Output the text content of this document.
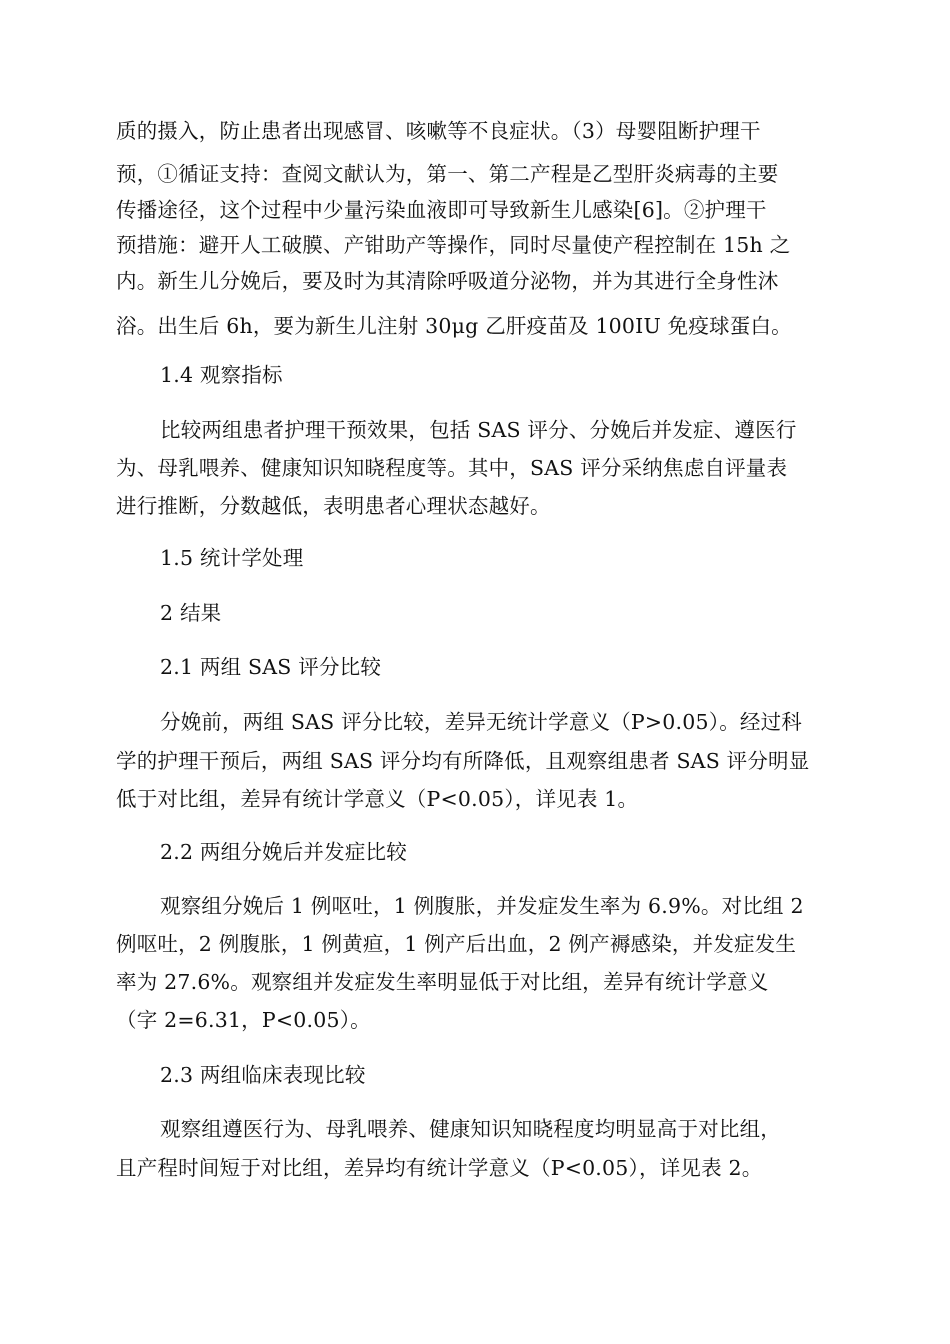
质的摄入，防止患者出现感冒、咳嗽等不良症状。（3）母婴阻断护理干
预，①循证支持：查阅文献认为，第一、第二产程是乙型肝炎病毒的主要
传播途径，这个过程中少量污染血液即可导致新生儿感染[6]。②护理干
预措施：避开人工破膜、产钳助产等操作，同时尽量使产程控制在 15h 之
内。新生儿分娩后，要及时为其清除呼吸道分泌物，并为其进行全身性沐
浴。出生后 6h，要为新生儿注射 30μg 乙肝疫苗及 100IU 免疫球蛋白。
1.4 观察指标
比较两组患者护理干预效果，包括 SAS 评分、分娩后并发症、遵医行
为、母乳喂养、健康知识知晓程度等。其中，SAS 评分采纳焦虑自评量表
进行推断，分数越低，表明患者心理状态越好。
1.5 统计学处理
2 结果
2.1 两组 SAS 评分比较
分娩前，两组 SAS 评分比较，差异无统计学意义（P>0.05）。经过科
学的护理干预后，两组 SAS 评分均有所降低，且观察组患者 SAS 评分明显
低于对比组，差异有统计学意义（P<0.05），详见表 1。
2.2 两组分娩后并发症比较
观察组分娩后 1 例呕吐，1 例腹胀，并发症发生率为 6.9%。对比组 2
例呕吐，2 例腹胀，1 例黄疸，1 例产后出血，2 例产褥感染，并发症发生
率为 27.6%。观察组并发症发生率明显低于对比组，差异有统计学意义
（字 2=6.31，P<0.05）。
2.3 两组临床表现比较
观察组遵医行为、母乳喂养、健康知识知晓程度均明显高于对比组，
且产程时间短于对比组，差异均有统计学意义（P<0.05），详见表 2。
